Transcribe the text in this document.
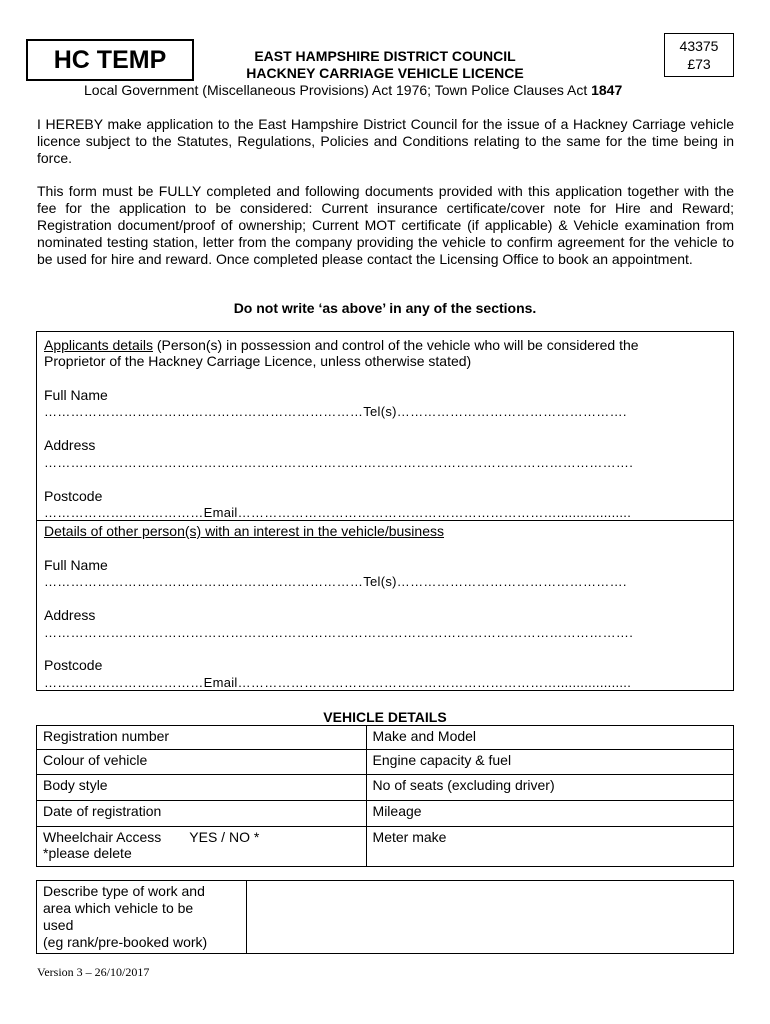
HC TEMP	EAST HAMPSHIRE DISTRICT COUNCIL
HACKNEY CARRIAGE VEHICLE LICENCE
43375
£73
Local Government (Miscellaneous Provisions) Act 1976; Town Police Clauses Act 1847
I HEREBY make application to the East Hampshire District Council for the issue of a Hackney Carriage vehicle licence subject to the Statutes, Regulations, Policies and Conditions relating to the same for the time being in force.
This form must be FULLY completed and following documents provided with this application together with the fee for the application to be considered: Current insurance certificate/cover note for Hire and Reward; Registration document/proof of ownership; Current MOT certificate (if applicable) & Vehicle examination from nominated testing station, letter from the company providing the vehicle to confirm agreement for the vehicle to be used for hire and reward. Once completed please contact the Licensing Office to book an appointment.
Do not write ‘as above’ in any of the sections.
Applicants details (Person(s) in possession and control of the vehicle who will be considered the
Proprietor of the Hackney Carriage Licence, unless otherwise stated)
Full Name
………………………………………………………………Tel(s)…………………………………………….
Address
…………………………………………………………………………………………………………………….
Postcode
………………………………Email………………………………………………………………...................
Details of other person(s) with an interest in the vehicle/business
Full Name
………………………………………………………………Tel(s)…………………………………………….
Address
…………………………………………………………………………………………………………………….
Postcode
………………………………Email………………………………………………………………...................
VEHICLE DETAILS
Registration number	Make and Model
Colour of vehicle	Engine capacity & fuel
Body style	No of seats (excluding driver)
Date of registration	Mileage
Wheelchair Access YES / NO *
*please delete	Meter make
Describe type of work and
area which vehicle to be
used
(eg rank/pre-booked work)

Version 3 – 26/10/2017
